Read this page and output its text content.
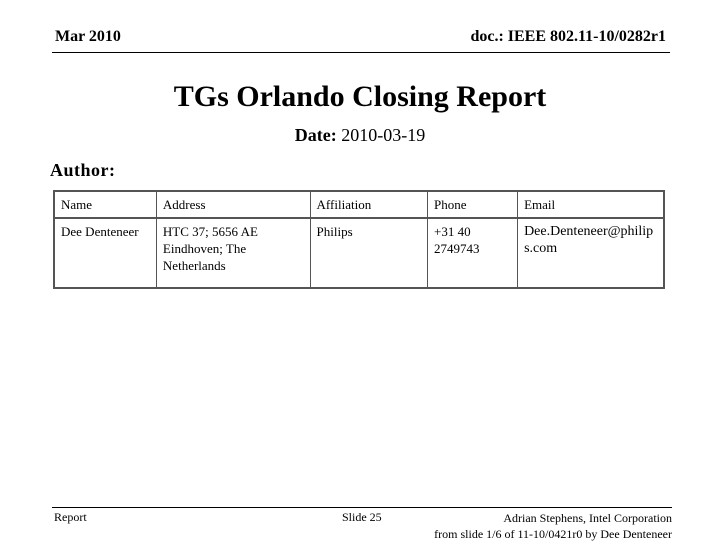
Mar 2010	doc.: IEEE 802.11-10/0282r1
TGs Orlando Closing Report
Date: 2010-03-19
Author:
Name	Address	Affiliation	Phone	Email
Dee Denteneer	HTC 37; 5656 AE Eindhoven; The Netherlands	Philips	+31 40 2749743	Dee.Denteneer@philips.com
Report	Slide 25	Adrian Stephens, Intel Corporation
from slide 1/6 of 11-10/0421r0 by Dee Denteneer
